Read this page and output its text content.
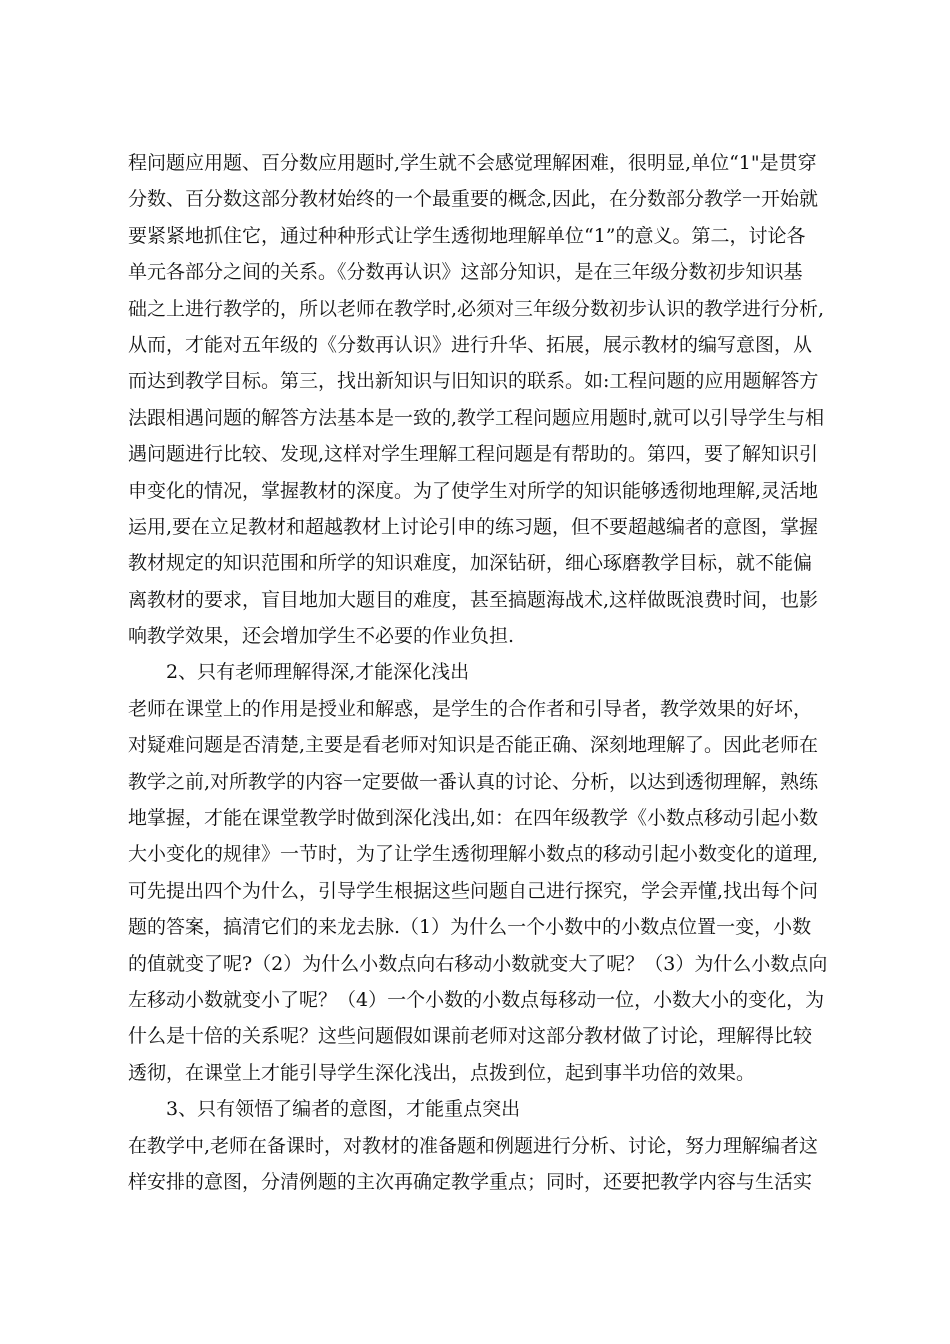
程问题应用题、百分数应用题时,学生就不会感觉理解困难，很明显,单位“1"是贯穿
分数、百分数这部分教材始终的一个最重要的概念,因此，在分数部分教学一开始就
要紧紧地抓住它，通过种种形式让学生透彻地理解单位“1”的意义。第二，讨论各
单元各部分之间的关系。《分数再认识》这部分知识，是在三年级分数初步知识基
础之上进行教学的，所以老师在教学时,必须对三年级分数初步认识的教学进行分析,
从而，才能对五年级的《分数再认识》进行升华、拓展，展示教材的编写意图，从
而达到教学目标。第三，找出新知识与旧知识的联系。如:工程问题的应用题解答方
法跟相遇问题的解答方法基本是一致的,教学工程问题应用题时,就可以引导学生与相
遇问题进行比较、发现,这样对学生理解工程问题是有帮助的。第四，要了解知识引
申变化的情况，掌握教材的深度。为了使学生对所学的知识能够透彻地理解,灵活地
运用,要在立足教材和超越教材上讨论引申的练习题，但不要超越编者的意图，掌握
教材规定的知识范围和所学的知识难度，加深钻研，细心琢磨教学目标，就不能偏
离教材的要求，盲目地加大题目的难度，甚至搞题海战术,这样做既浪费时间，也影
响教学效果，还会增加学生不必要的作业负担.
2、只有老师理解得深,才能深化浅出
老师在课堂上的作用是授业和解惑，是学生的合作者和引导者，教学效果的好坏，
对疑难问题是否清楚,主要是看老师对知识是否能正确、深刻地理解了。因此老师在
教学之前,对所教学的内容一定要做一番认真的讨论、分析，以达到透彻理解，熟练
地掌握，才能在课堂教学时做到深化浅出,如：在四年级教学《小数点移动引起小数
大小变化的规律》一节时，为了让学生透彻理解小数点的移动引起小数变化的道理,
可先提出四个为什么，引导学生根据这些问题自己进行探究，学会弄懂,找出每个问
题的答案，搞清它们的来龙去脉.（1）为什么一个小数中的小数点位置一变，小数
的值就变了呢?（2）为什么小数点向右移动小数就变大了呢？（3）为什么小数点向
左移动小数就变小了呢？（4）一个小数的小数点每移动一位，小数大小的变化，为
什么是十倍的关系呢？这些问题假如课前老师对这部分教材做了讨论，理解得比较
透彻，在课堂上才能引导学生深化浅出，点拨到位，起到事半功倍的效果。
3、只有领悟了编者的意图，才能重点突出
在教学中,老师在备课时，对教材的准备题和例题进行分析、讨论，努力理解编者这
样安排的意图，分清例题的主次再确定教学重点；同时，还要把教学内容与生活实
